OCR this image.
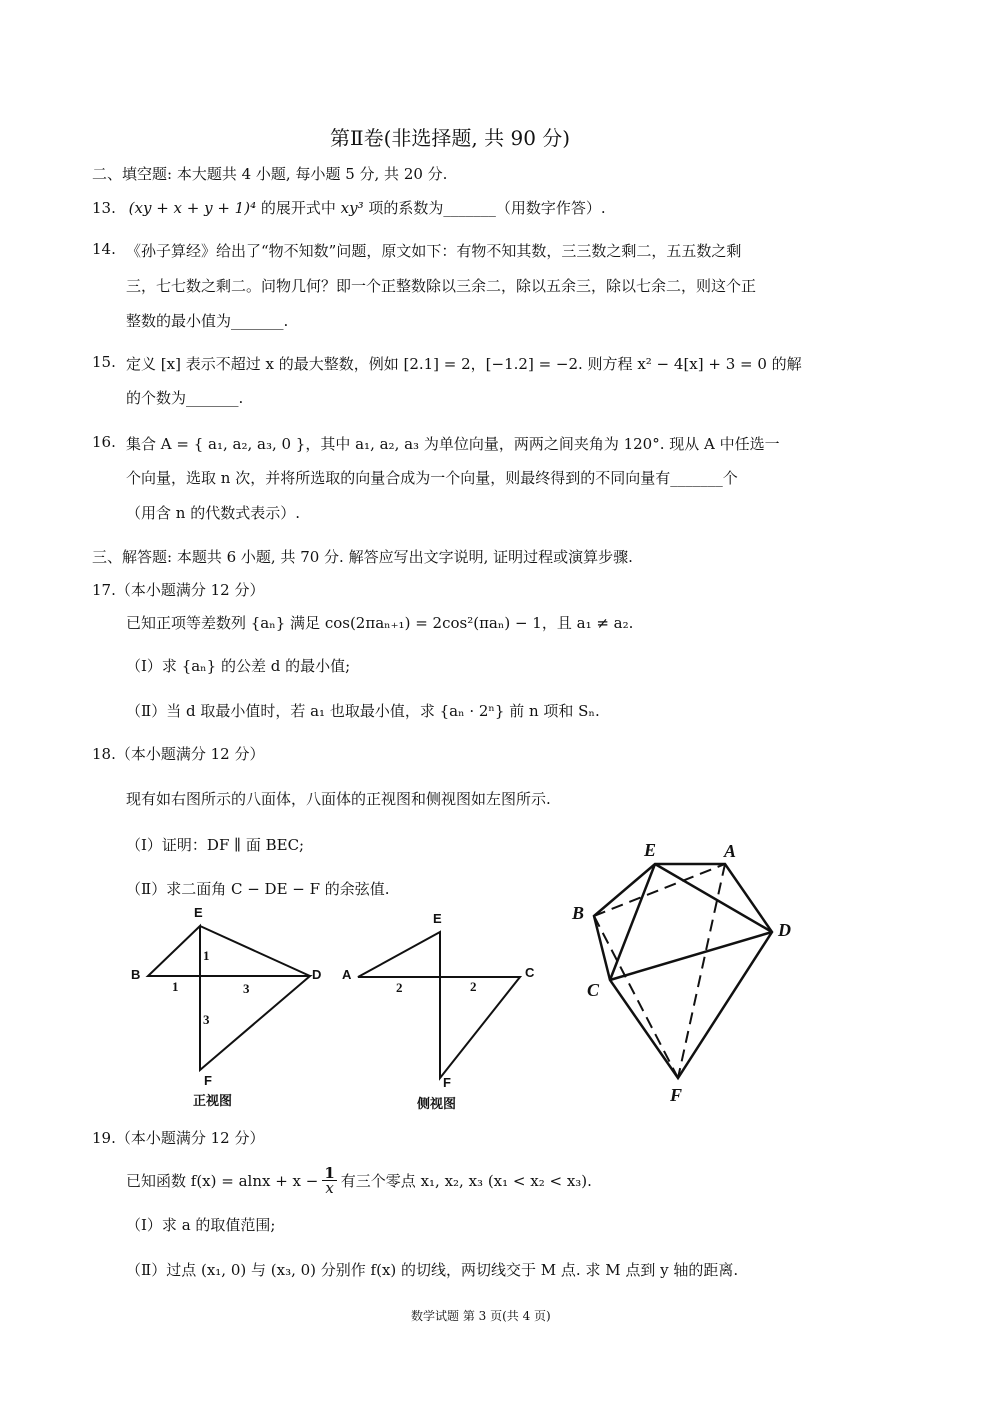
第Ⅱ卷(非选择题, 共 90 分)
二、填空题: 本大题共 4 小题, 每小题 5 分, 共 20 分.
13. (xy + x + y + 1)⁴ 的展开式中 xy³ 项的系数为_______（用数字作答）.
14. 《孙子算经》给出了“物不知数”问题，原文如下：有物不知其数，三三数之剩二，五五数之剩
三，七七数之剩二。问物几何？即一个正整数除以三余二，除以五余三，除以七余二，则这个正
整数的最小值为_______.
15. 定义 [x] 表示不超过 x 的最大整数，例如 [2.1] = 2，[−1.2] = −2. 则方程 x² − 4[x] + 3 = 0 的解
的个数为_______.
16. 集合 A = { a₁, a₂, a₃, 0 }，其中 a₁, a₂, a₃ 为单位向量，两两之间夹角为 120°. 现从 A 中任选一
个向量，选取 n 次，并将所选取的向量合成为一个向量，则最终得到的不同向量有_______个
（用含 n 的代数式表示）.
三、解答题: 本题共 6 小题, 共 70 分. 解答应写出文字说明, 证明过程或演算步骤.
17.（本小题满分 12 分）
已知正项等差数列 {aₙ} 满足 cos(2πaₙ₊₁) = 2cos²(πaₙ) − 1，且 a₁ ≠ a₂.
（Ⅰ）求 {aₙ} 的公差 d 的最小值;
（Ⅱ）当 d 取最小值时，若 a₁ 也取最小值，求 {aₙ · 2ⁿ} 前 n 项和 Sₙ.
18.（本小题满分 12 分）
现有如右图所示的八面体，八面体的正视图和侧视图如左图所示.
（Ⅰ）证明：DF ∥ 面 BEC;
（Ⅱ）求二面角 C − DE − F 的余弦值.
E
B	D
F
1
1	3
3
正视图
E
A	C
F
2	2
侧视图
E	A
B
D
C
F
19.（本小题满分 12 分）
已知函数 $f(x) = alnx + x - \frac{1}{x}$ 有三个零点 x₁, x₂, x₃ (x₁ < x₂ < x₃).
（Ⅰ）求 a 的取值范围;
（Ⅱ）过点 (x₁, 0) 与 (x₃, 0) 分别作 f(x) 的切线，两切线交于 M 点. 求 M 点到 y 轴的距离.
数学试题 第 3 页(共 4 页)
